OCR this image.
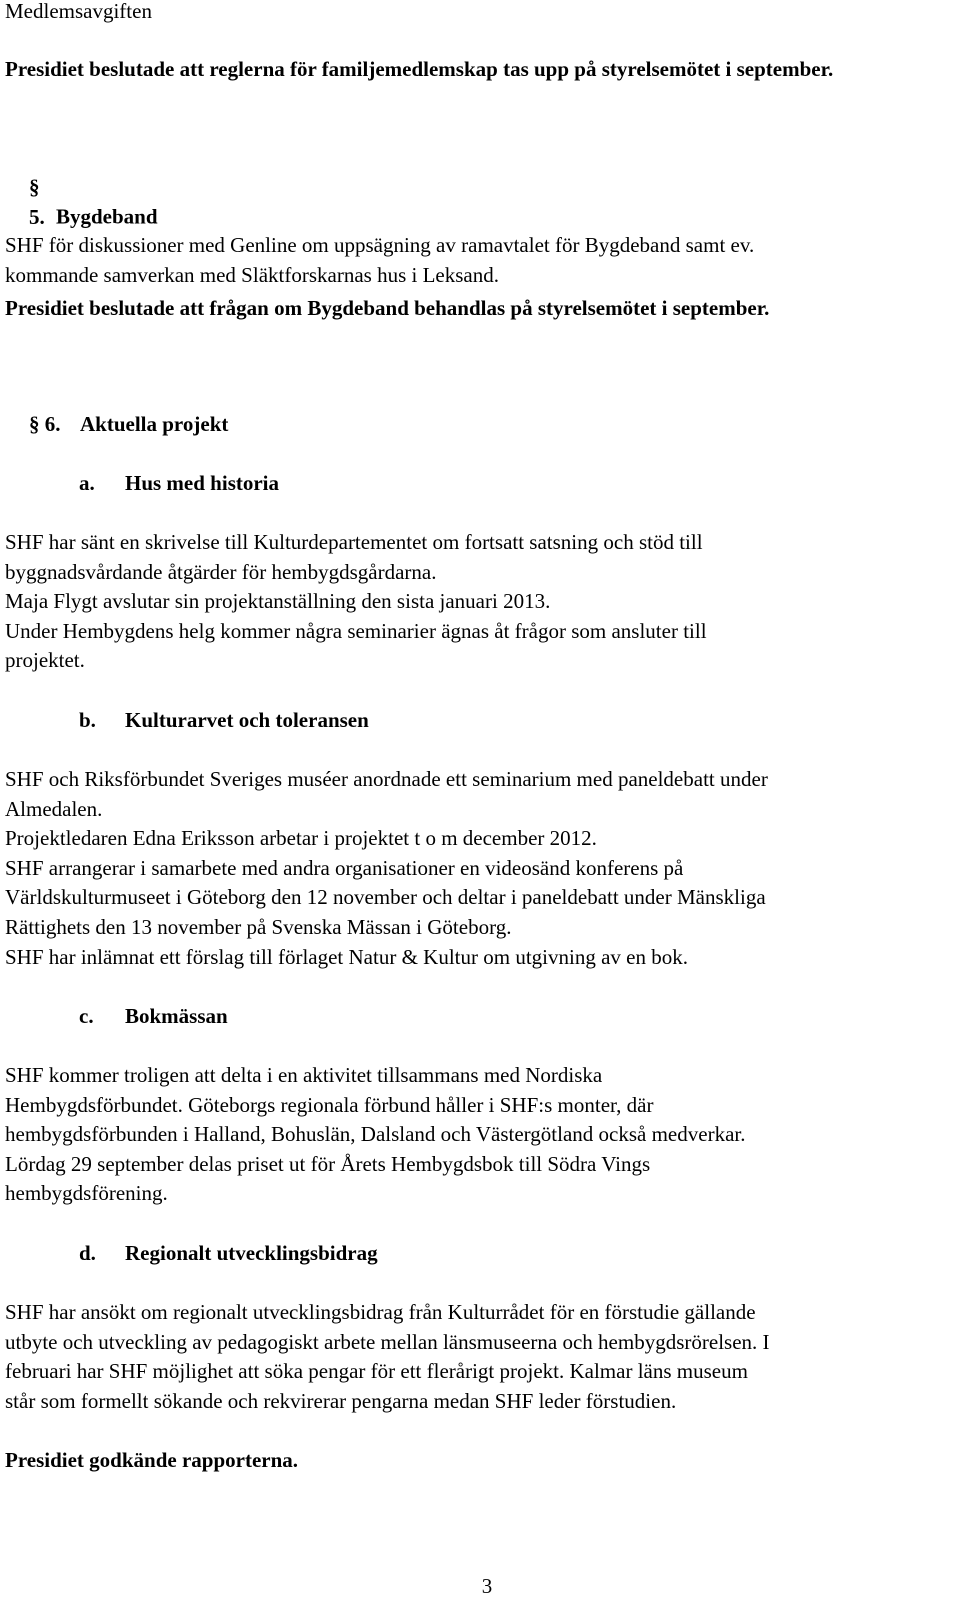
Medlemsavgiften

Presidiet beslutade att reglerna för familjemedlemskap tas upp på styrelsemötet i september.

§ 5. Bygdeband

SHF för diskussioner med Genline om uppsägning av ramavtalet för Bygdeband samt ev.

kommande samverkan med Släktforskarnas hus i Leksand.

Presidiet beslutade att frågan om Bygdeband behandlas på styrelsemötet i september.

§ 6. Aktuella projekt

a. Hus med historia

SHF har sänt en skrivelse till Kulturdepartementet om fortsatt satsning och stöd till

byggnadsvårdande åtgärder för hembygdsgårdarna.

Maja Flygt avslutar sin projektanställning den sista januari 2013.

Under Hembygdens helg kommer några seminarier ägnas åt frågor som ansluter till

projektet.

b. Kulturarvet och toleransen

SHF och Riksförbundet Sveriges muséer anordnade ett seminarium med paneldebatt under

Almedalen.

Projektledaren Edna Eriksson arbetar i projektet t o m december 2012.

SHF arrangerar i samarbete med andra organisationer en videosänd konferens på

Världskulturmuseet i Göteborg den 12 november och deltar i paneldebatt under Mänskliga

Rättighets den 13 november på Svenska Mässan i Göteborg.

SHF har inlämnat ett förslag till förlaget Natur & Kultur om utgivning av en bok.

c. Bokmässan

SHF kommer troligen att delta i en aktivitet tillsammans med Nordiska

Hembygdsförbundet. Göteborgs regionala förbund håller i SHF:s monter, där

hembygdsförbunden i Halland, Bohuslän, Dalsland och Västergötland också medverkar.

Lördag 29 september delas priset ut för Årets Hembygdsbok till Södra Vings

hembygdsförening.

d. Regionalt utvecklingsbidrag

SHF har ansökt om regionalt utvecklingsbidrag från Kulturrådet för en förstudie gällande

utbyte och utveckling av pedagogiskt arbete mellan länsmuseerna och hembygdsrörelsen. I

februari har SHF möjlighet att söka pengar för ett flerårigt projekt. Kalmar läns museum

står som formellt sökande och rekvirerar pengarna medan SHF leder förstudien.

Presidiet godkände rapporterna.

3
